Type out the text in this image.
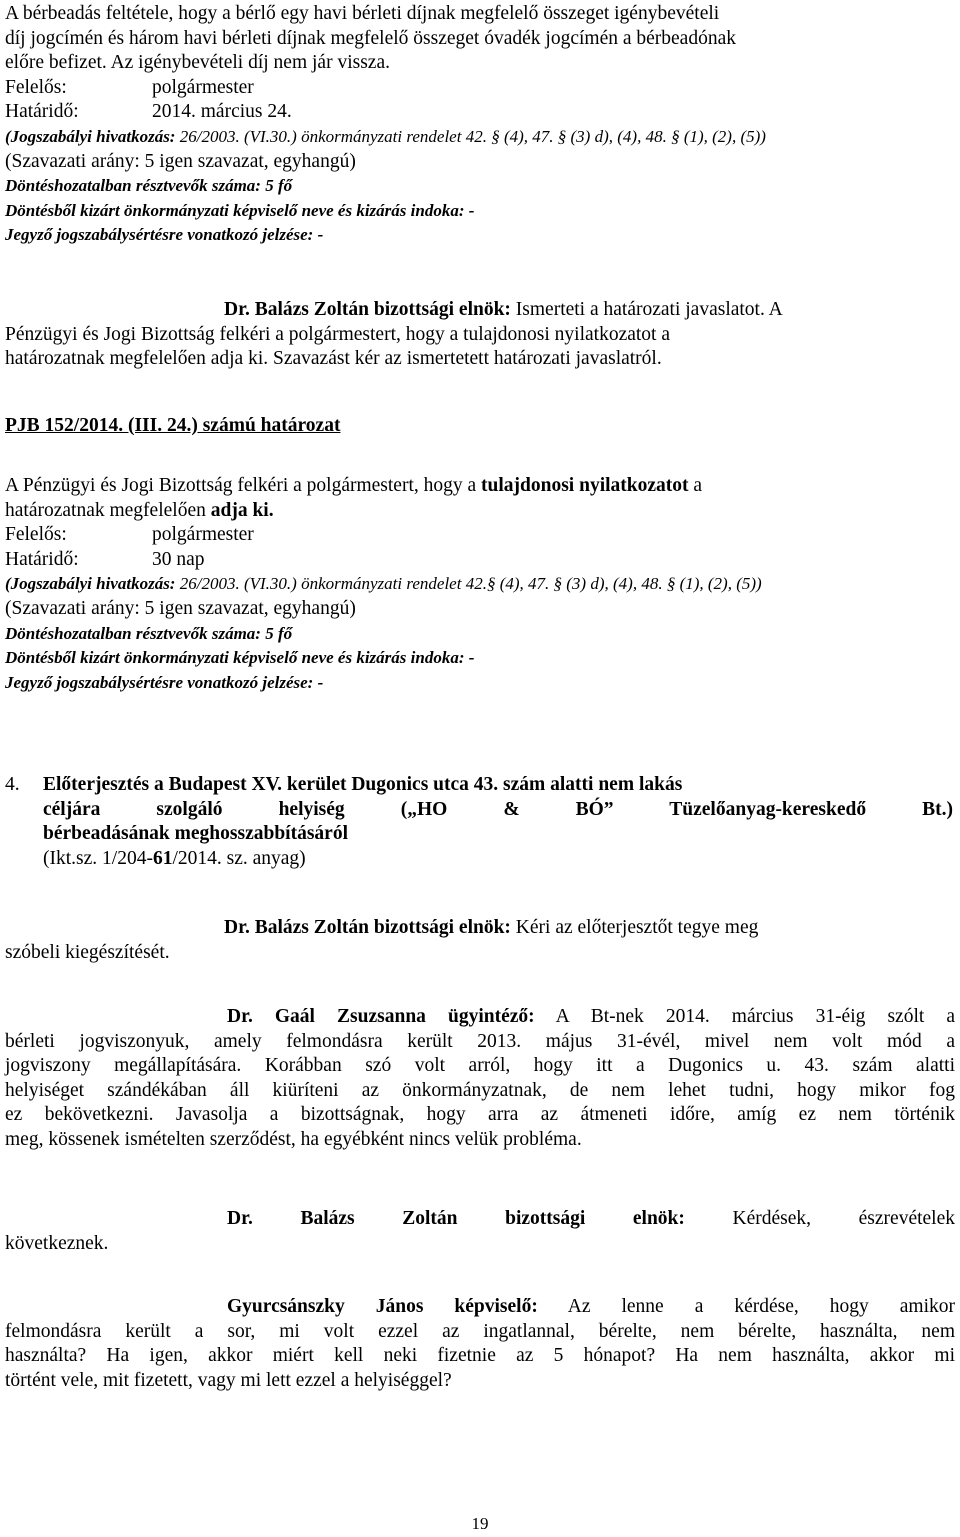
A bérbeadás feltétele, hogy a bérlő egy havi bérleti díjnak megfelelő összeget igénybevételi
díj jogcímén és három havi bérleti díjnak megfelelő összeget óvadék jogcímén a bérbeadónak
előre befizet. Az igénybevételi díj nem jár vissza.
Felelős:	polgármester
Határidő:	2014. március 24.
(Jogszabályi hivatkozás: 26/2003. (VI.30.) önkormányzati rendelet 42. § (4), 47. § (3) d), (4), 48. § (1), (2), (5))
(Szavazati arány: 5 igen szavazat, egyhangú)
Döntéshozatalban résztvevők száma: 5 fő
Döntésből kizárt önkormányzati képviselő neve és kizárás indoka: -
Jegyző jogszabálysértésre vonatkozó jelzése: -
Dr. Balázs Zoltán bizottsági elnök: Ismerteti a határozati javaslatot. A
Pénzügyi és Jogi Bizottság felkéri a polgármestert, hogy a tulajdonosi nyilatkozatot a
határozatnak megfelelően adja ki. Szavazást kér az ismertetett határozati javaslatról.
PJB 152/2014. (III. 24.) számú határozat
A Pénzügyi és Jogi Bizottság felkéri a polgármestert, hogy a tulajdonosi nyilatkozatot a
határozatnak megfelelően adja ki.
Felelős:	polgármester
Határidő:	30 nap
(Jogszabályi hivatkozás: 26/2003. (VI.30.) önkormányzati rendelet 42.§ (4), 47. § (3) d), (4), 48. § (1), (2), (5))
(Szavazati arány: 5 igen szavazat, egyhangú)
Döntéshozatalban résztvevők száma: 5 fő
Döntésből kizárt önkormányzati képviselő neve és kizárás indoka: -
Jegyző jogszabálysértésre vonatkozó jelzése: -
4. Előterjesztés a Budapest XV. kerület Dugonics utca 43. szám alatti nem lakás
céljára szolgáló helyiség („HO & BÓ” Tüzelőanyag-kereskedő Bt.)
bérbeadásának meghosszabbításáról
(Ikt.sz. 1/204-61/2014. sz. anyag)
Dr. Balázs Zoltán bizottsági elnök: Kéri az előterjesztőt tegye meg
szóbeli kiegészítését.
Dr. Gaál Zsuzsanna ügyintéző: A Bt-nek 2014. március 31-éig szólt a
bérleti jogviszonyuk, amely felmondásra került 2013. május 31-évél, mivel nem volt mód a
jogviszony megállapítására. Korábban szó volt arról, hogy itt a Dugonics u. 43. szám alatti
helyiséget szándékában áll kiüríteni az önkormányzatnak, de nem lehet tudni, hogy mikor fog
ez bekövetkezni. Javasolja a bizottságnak, hogy arra az átmeneti időre, amíg ez nem történik
meg, kössenek ismételten szerződést, ha egyébként nincs velük probléma.
Dr. Balázs Zoltán bizottsági elnök: Kérdések, észrevételek
következnek.
Gyurcsánszky János képviselő: Az lenne a kérdése, hogy amikor
felmondásra került a sor, mi volt ezzel az ingatlannal, bérelte, nem bérelte, használta, nem
használta? Ha igen, akkor miért kell neki fizetnie az 5 hónapot? Ha nem használta, akkor mi
történt vele, mit fizetett, vagy mi lett ezzel a helyiséggel?
19
